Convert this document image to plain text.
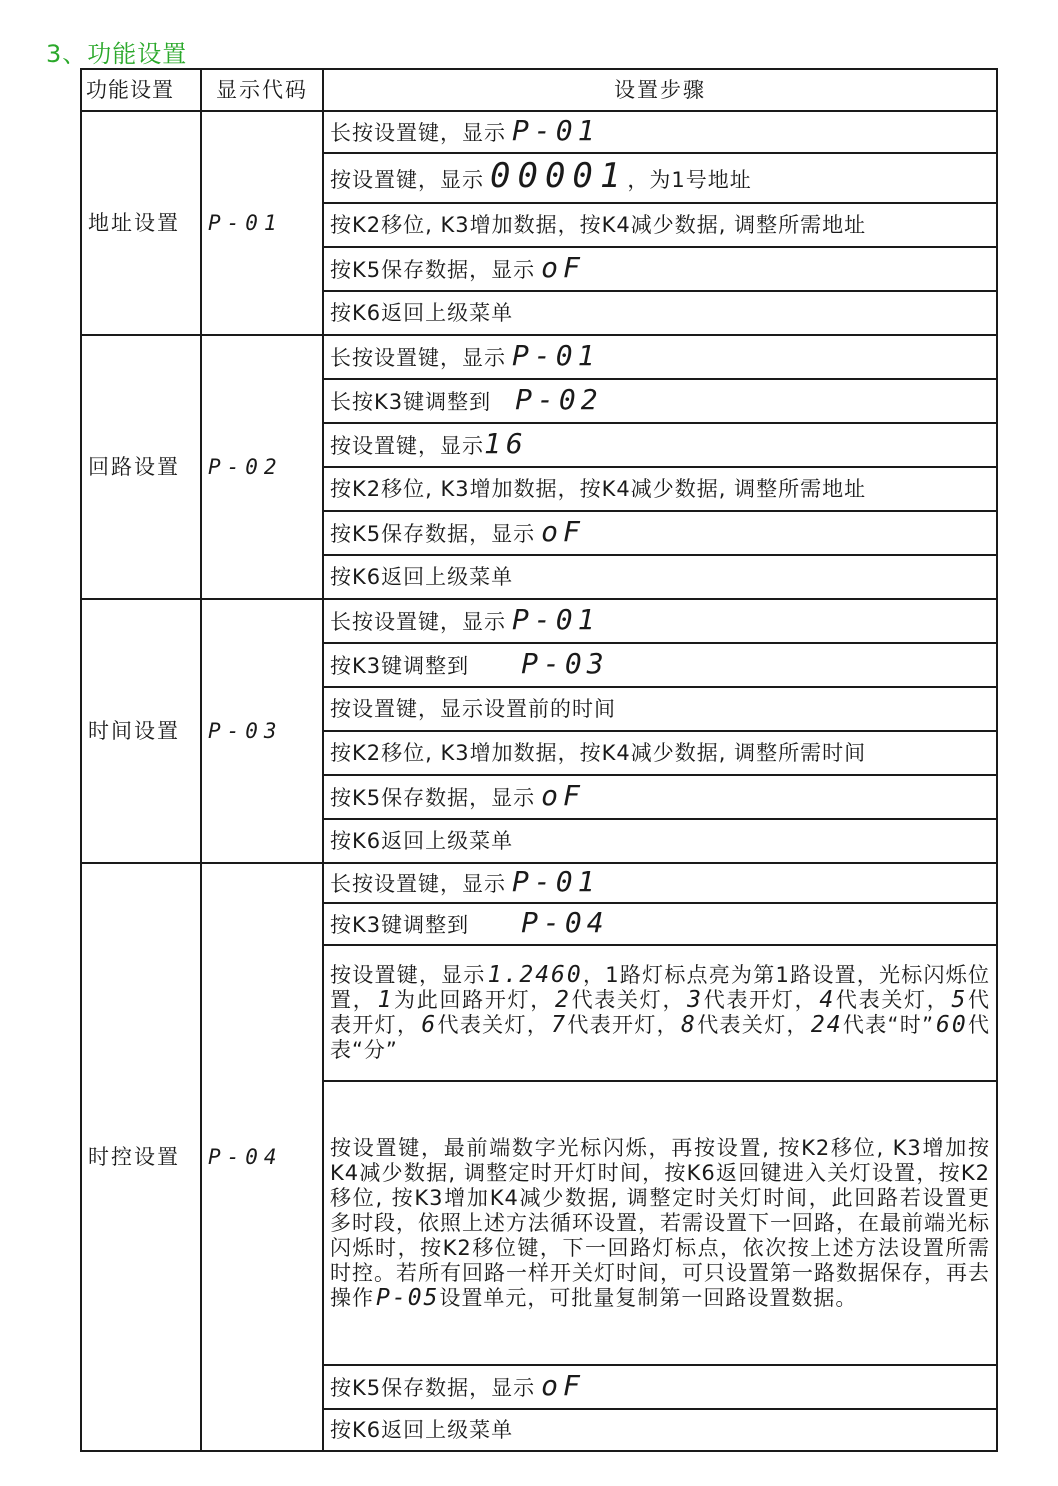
3、功能设置
功能设置	显示代码	设置步骤
地址设置	P-01	长按设置键，显示 P-01
		按设置键，显示 00001，为1号地址
		按K2移位, K3增加数据，按K4减少数据, 调整所需地址
		按K5保存数据，显示 oF
		按K6返回上级菜单
回路设置	P-02	长按设置键，显示 P-01
		长按K3键调整到 P-02
		按设置键，显示16
		按K2移位, K3增加数据，按K4减少数据, 调整所需地址
		按K5保存数据，显示 oF
		按K6返回上级菜单
时间设置	P-03	长按设置键，显示 P-01
		按K3键调整到 P-03
		按设置键，显示设置前的时间
		按K2移位, K3增加数据，按K4减少数据, 调整所需时间
		按K5保存数据，显示 oF
		按K6返回上级菜单
时控设置	P-04	长按设置键，显示 P-01
		按K3键调整到 P-04
		按设置键，显示1.2460，1路灯标点亮为第1路设置，光标闪烁位置，1为此回路开灯，2代表关灯，3代表开灯，4代表关灯，5代表开灯，6代表关灯，7代表开灯，8代表关灯，24代表“时”60代表“分”
		按设置键，最前端数字光标闪烁，再按设置, 按K2移位, K3增加按K4减少数据, 调整定时开灯时间，按K6返回键进入关灯设置，按K2移位, 按K3增加K4减少数据, 调整定时关灯时间，此回路若设置更多时段，依照上述方法循环设置，若需设置下一回路，在最前端光标闪烁时，按K2移位键，下一回路灯标点，依次按上述方法设置所需时控。若所有回路一样开关灯时间，可只设置第一路数据保存，再去操作P-05设置单元，可批量复制第一回路设置数据。
		按K5保存数据，显示 oF
		按K6返回上级菜单
